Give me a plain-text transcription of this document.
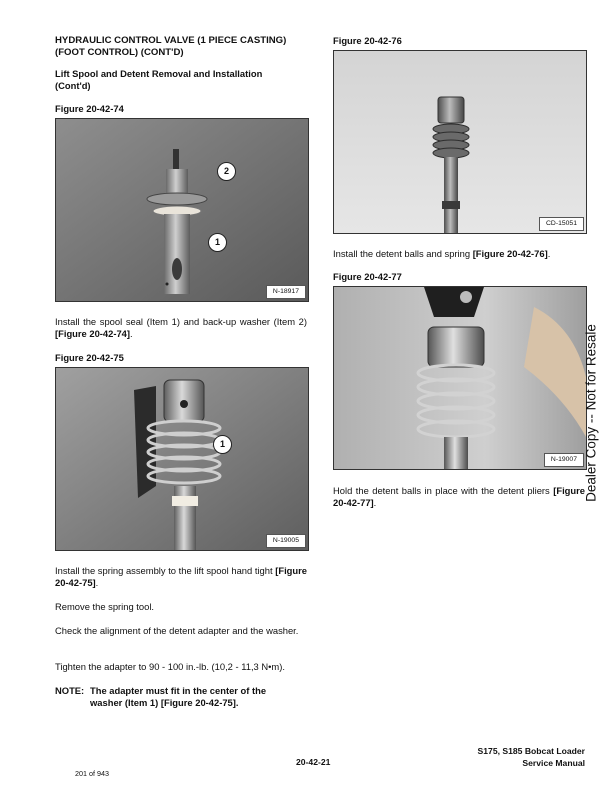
HYDRAULIC CONTROL VALVE (1 PIECE CASTING)
(FOOT CONTROL) (CONT'D)
Lift Spool and Detent Removal and Installation
(Cont'd)
Figure 20-42-74
2
1
N-18917
Install the spool seal (Item 1) and back-up washer (Item 2) [Figure 20-42-74].
Figure 20-42-75
1
N-19005
Install the spring assembly to the lift spool hand tight [Figure 20-42-75].
Remove the spring tool.
Check the alignment of the detent adapter and the washer.
Tighten the adapter to 90 - 100 in.-lb. (10,2 - 11,3 N•m).
NOTE: The adapter must fit in the center of the
washer (Item 1) [Figure 20-42-75].
Figure 20-42-76
CD-15051
Install the detent balls and spring [Figure 20-42-76].
Figure 20-42-77
N-19007
Hold the detent balls in place with the detent pliers [Figure 20-42-77].
Dealer Copy -- Not for Resale
20-42-21
S175, S185 Bobcat Loader
Service Manual
201 of 943
